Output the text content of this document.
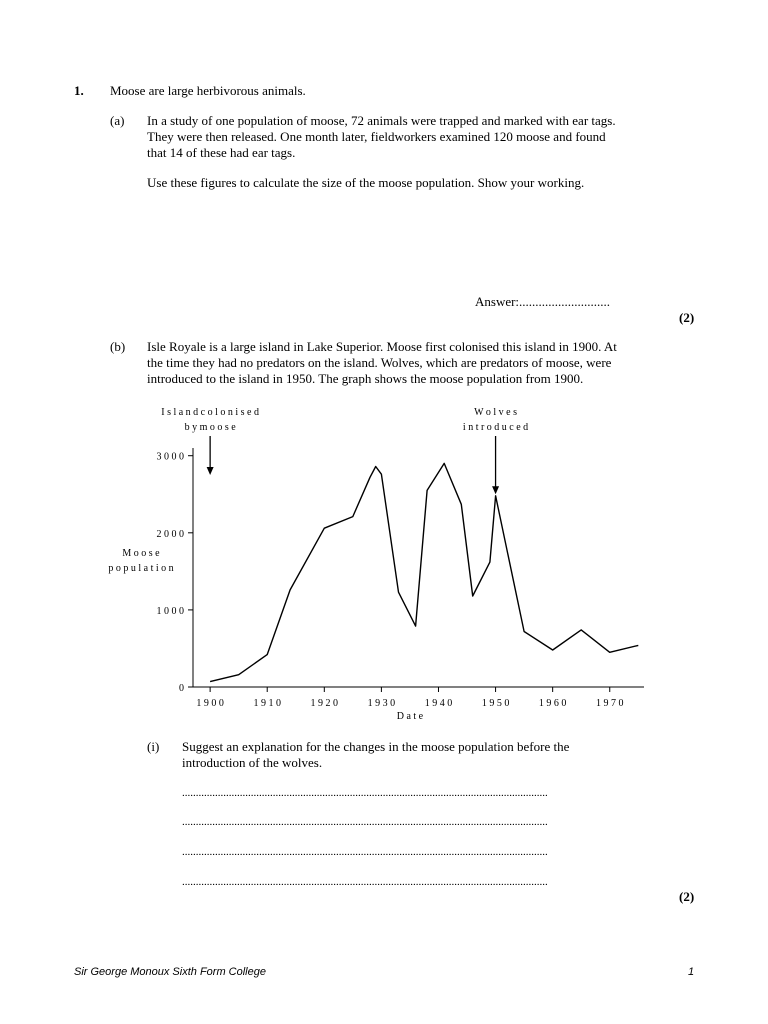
1. Moose are large herbivorous animals.
(a) In a study of one population of moose, 72 animals were trapped and marked with ear tags.
They were then released. One month later, fieldworkers examined 120 moose and found
that 14 of these had ear tags.
Use these figures to calculate the size of the moose population. Show your working.
Answer:............................
(2)
(b) Isle Royale is a large island in Lake Superior. Moose first colonised this island in 1900. At
the time they had no predators on the island. Wolves, which are predators of moose, were
introduced to the island in 1950. The graph shows the moose population from 1900.
0
1 0 0 0
2 0 0 0
3 0 0 0
1 9 0 0	1 9 1 0	1 9 2 0	1 9 3 0	1 9 4 0	1 9 5 0	1 9 6 0	1 9 7 0
D a t e
M o o s e
p o p u l a t i o n
I s l a n d c o l o n i s e d
b y m o o s e
W o l v e s
i n t r o d u c e d
(i) Suggest an explanation for the changes in the moose population before the
introduction of the wolves.
.....................................................................................................................................
.....................................................................................................................................
.....................................................................................................................................
.....................................................................................................................................
(2)
Sir George Monoux Sixth Form College	1
